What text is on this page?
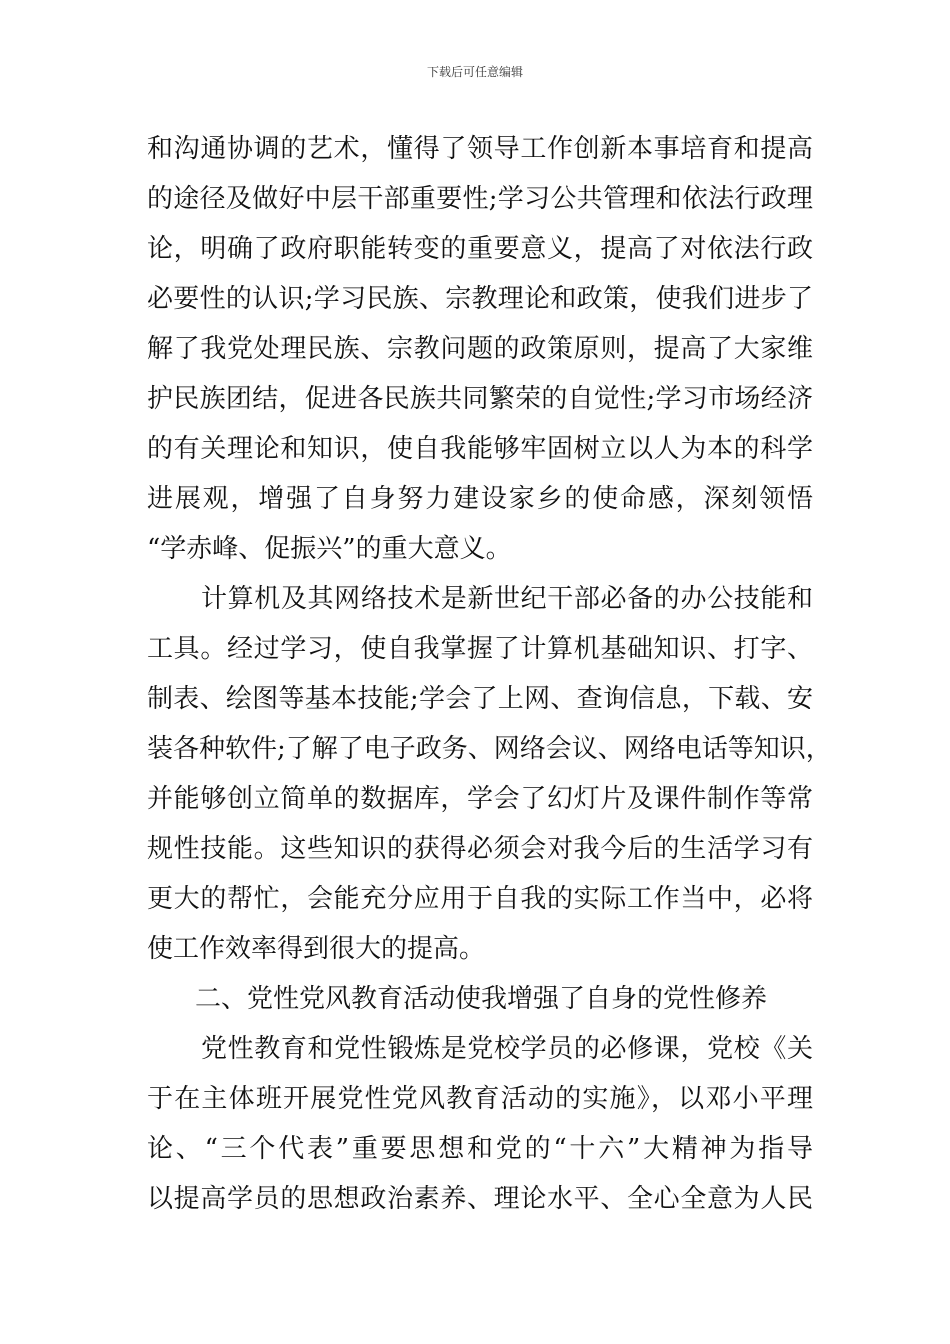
下载后可任意编辑
和沟通协调的艺术，懂得了领导工作创新本事培育和提高
的途径及做好中层干部重要性;学习公共管理和依法行政理
论，明确了政府职能转变的重要意义，提高了对依法行政
必要性的认识;学习民族、宗教理论和政策，使我们进步了
解了我党处理民族、宗教问题的政策原则，提高了大家维
护民族团结，促进各民族共同繁荣的自觉性;学习市场经济
的有关理论和知识，使自我能够牢固树立以人为本的科学
进展观，增强了自身努力建设家乡的使命感，深刻领悟
“学赤峰、促振兴”的重大意义。
计算机及其网络技术是新世纪干部必备的办公技能和
工具。经过学习，使自我掌握了计算机基础知识、打字、
制表、绘图等基本技能;学会了上网、查询信息，下载、安
装各种软件;了解了电子政务、网络会议、网络电话等知识，
并能够创立简单的数据库，学会了幻灯片及课件制作等常
规性技能。这些知识的获得必须会对我今后的生活学习有
更大的帮忙，会能充分应用于自我的实际工作当中，必将
使工作效率得到很大的提高。
二、党性党风教育活动使我增强了自身的党性修养
党性教育和党性锻炼是党校学员的必修课，党校《关
于在主体班开展党性党风教育活动的实施》，以邓小平理
论、“三个代表”重要思想和党的“十六”大精神为指导
以提高学员的思想政治素养、理论水平、全心全意为人民
